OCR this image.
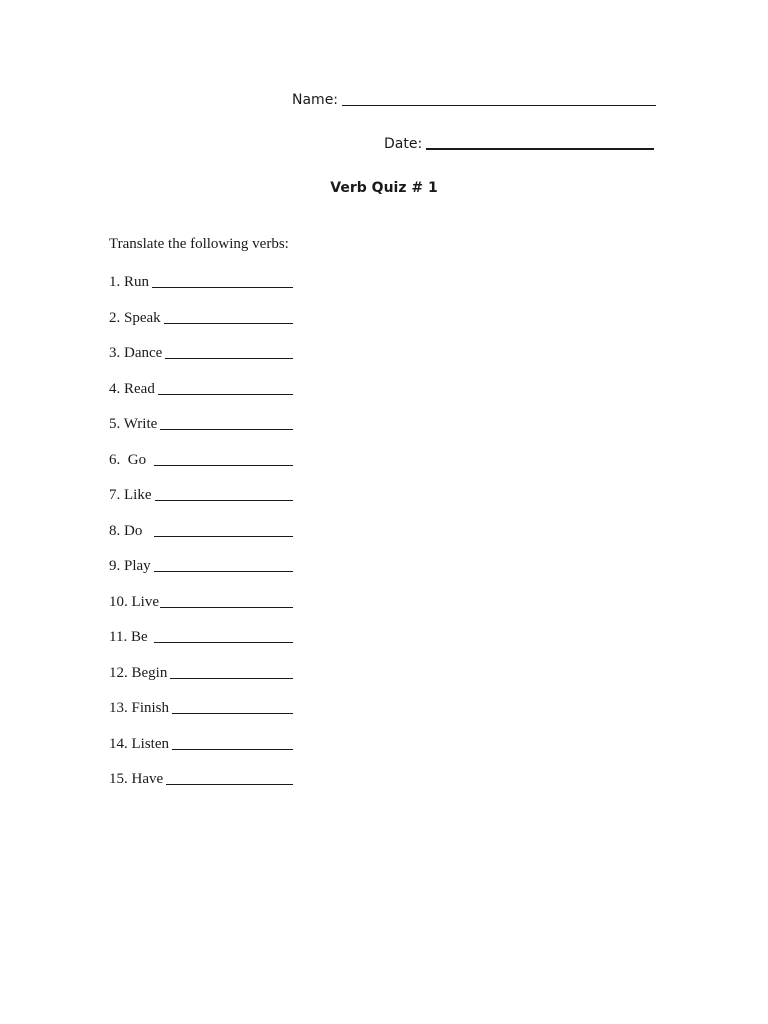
Name:
Date:
Verb Quiz # 1
Translate the following verbs:
1. Run
2. Speak
3. Dance
4. Read
5. Write
6.  Go
7. Like
8. Do
9. Play
10. Live
11. Be
12. Begin
13. Finish
14. Listen
15. Have
